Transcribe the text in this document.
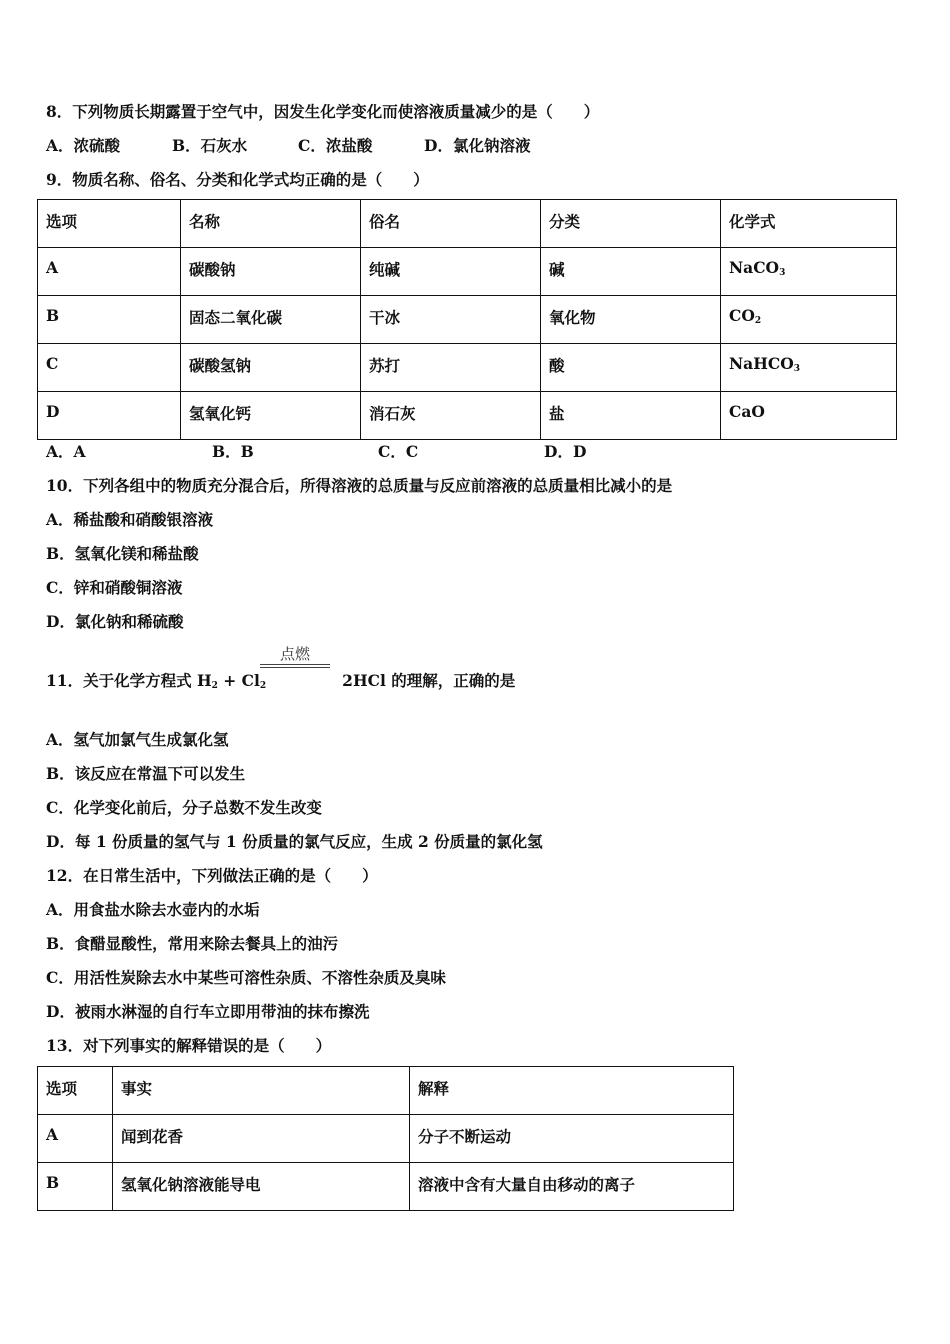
8．下列物质长期露置于空气中，因发生化学变化而使溶液质量减少的是（　　）
A．浓硫酸	B．石灰水	C．浓盐酸	D．氯化钠溶液
9．物质名称、俗名、分类和化学式均正确的是（　　）
选项	名称	俗名	分类	化学式
A	碳酸钠	纯碱	碱	NaCO$_3$
B	固态二氧化碳	干冰	氧化物	$CO_2$
C	碳酸氢钠	苏打	酸	NaHCO$_3$
D	氢氧化钙	消石灰	盐	CaO
A．A	B．B	C．C	D．D
10．下列各组中的物质充分混合后，所得溶液的总质量与反应前溶液的总质量相比减小的是
A．稀盐酸和硝酸银溶液
B．氢氧化镁和稀盐酸
C．锌和硝酸铜溶液
D．氯化钠和稀硫酸
11．关于化学方程式 $H_2 + Cl_2$	2HCl 的理解，正确的是
点燃
A．氢气加氯气生成氯化氢
B．该反应在常温下可以发生
C．化学变化前后，分子总数不发生改变
D．每 1 份质量的氢气与 1 份质量的氯气反应，生成 2 份质量的氯化氢
12．在日常生活中，下列做法正确的是（　　）
A．用食盐水除去水壶内的水垢
B．食醋显酸性，常用来除去餐具上的油污
C．用活性炭除去水中某些可溶性杂质、不溶性杂质及臭味
D．被雨水淋湿的自行车立即用带油的抹布擦洗
13．对下列事实的解释错误的是（　　）
选项	事实	解释
A	闻到花香	分子不断运动
B	氢氧化钠溶液能导电	溶液中含有大量自由移动的离子
